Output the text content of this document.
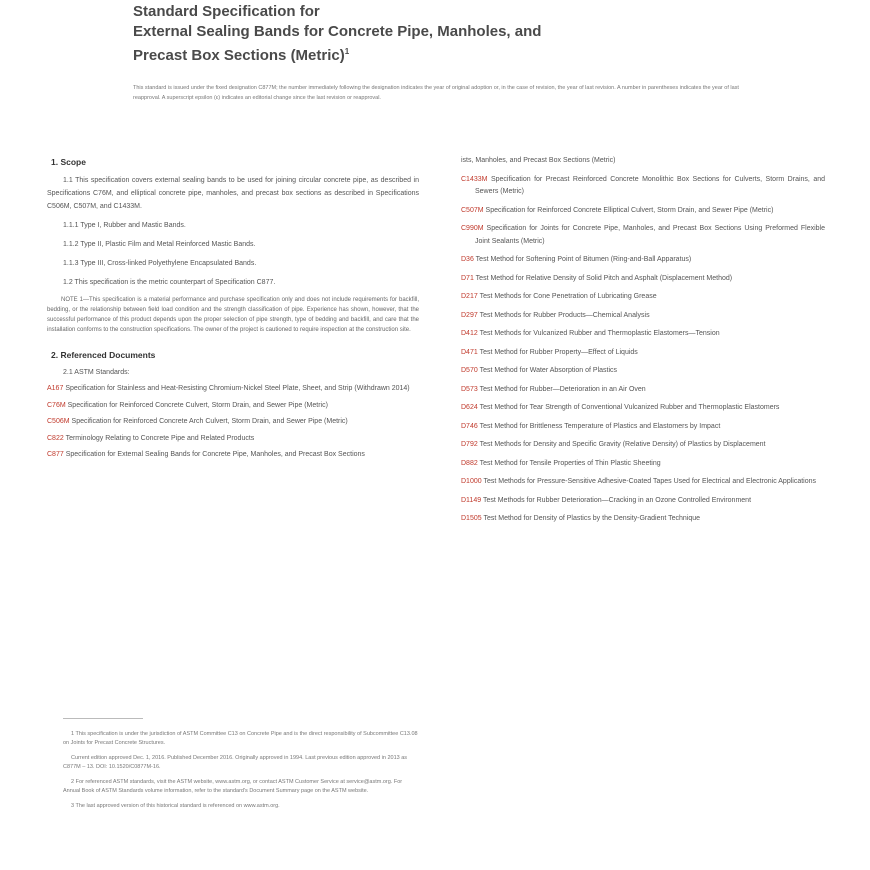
Standard Specification for
External Sealing Bands for Concrete Pipe, Manholes, and
Precast Box Sections (Metric)$^1$
This standard is issued under the fixed designation C877M; the number immediately following the designation indicates the year of original adoption or, in the case of revision, the year of last revision. A number in parentheses indicates the year of last reapproval. A superscript epsilon (ε) indicates an editorial change since the last revision or reapproval.
1. Scope
1.1 This specification covers external sealing bands to be used for joining circular concrete pipe, as described in Specifications C76M, and elliptical concrete pipe, manholes, and precast box sections as described in Specifications C506M, C507M, and C1433M.
1.1.1 Type I, Rubber and Mastic Bands.
1.1.2 Type II, Plastic Film and Metal Reinforced Mastic Bands.
1.1.3 Type III, Cross-linked Polyethylene Encapsulated Bands.
1.2 This specification is the metric counterpart of Specification C877.
NOTE 1—This specification is a material performance and purchase specification only and does not include requirements for backfill, bedding, or the relationship between field load condition and the strength classification of pipe. Experience has shown, however, that the successful performance of this product depends upon the proper selection of pipe strength, type of bedding and backfill, and care that the installation conforms to the construction specifications. The owner of the project is cautioned to require inspection at the construction site.
2. Referenced Documents
2.1 ASTM Standards:
A167 Specification for Stainless and Heat-Resisting Chromium-Nickel Steel Plate, Sheet, and Strip (Withdrawn 2014)
C76M Specification for Reinforced Concrete Culvert, Storm Drain, and Sewer Pipe (Metric)
C506M Specification for Reinforced Concrete Arch Culvert, Storm Drain, and Sewer Pipe (Metric)
C822 Terminology Relating to Concrete Pipe and Related Products
C877 Specification for External Sealing Bands for Concrete Pipe, Manholes, and Precast Box Sections
ists, Manholes, and Precast Box Sections (Metric)
C1433M Specification for Precast Reinforced Concrete Monolithic Box Sections for Culverts, Storm Drains, and Sewers (Metric)
C507M Specification for Reinforced Concrete Elliptical Culvert, Storm Drain, and Sewer Pipe (Metric)
C990M Specification for Joints for Concrete Pipe, Manholes, and Precast Box Sections Using Preformed Flexible Joint Sealants (Metric)
D36 Test Method for Softening Point of Bitumen (Ring-and-Ball Apparatus)
D71 Test Method for Relative Density of Solid Pitch and Asphalt (Displacement Method)
D217 Test Methods for Cone Penetration of Lubricating Grease
D297 Test Methods for Rubber Products—Chemical Analysis
D412 Test Methods for Vulcanized Rubber and Thermoplastic Elastomers—Tension
D471 Test Method for Rubber Property—Effect of Liquids
D570 Test Method for Water Absorption of Plastics
D573 Test Method for Rubber—Deterioration in an Air Oven
D624 Test Method for Tear Strength of Conventional Vulcanized Rubber and Thermoplastic Elastomers
D746 Test Method for Brittleness Temperature of Plastics and Elastomers by Impact
D792 Test Methods for Density and Specific Gravity (Relative Density) of Plastics by Displacement
D882 Test Method for Tensile Properties of Thin Plastic Sheeting
D1000 Test Methods for Pressure-Sensitive Adhesive-Coated Tapes Used for Electrical and Electronic Applications
D1149 Test Methods for Rubber Deterioration—Cracking in an Ozone Controlled Environment
D1505 Test Method for Density of Plastics by the Density-Gradient Technique
1 This specification is under the jurisdiction of ASTM Committee C13 on Concrete Pipe and is the direct responsibility of Subcommittee C13.08 on Joints for Precast Concrete Structures.
Current edition approved Dec. 1, 2016. Published December 2016. Originally approved in 1994. Last previous edition approved in 2013 as C877M – 13. DOI: 10.1520/C0877M-16.
2 For referenced ASTM standards, visit the ASTM website, www.astm.org, or contact ASTM Customer Service at service@astm.org. For Annual Book of ASTM Standards volume information, refer to the standard's Document Summary page on the ASTM website.
3 The last approved version of this historical standard is referenced on www.astm.org.
